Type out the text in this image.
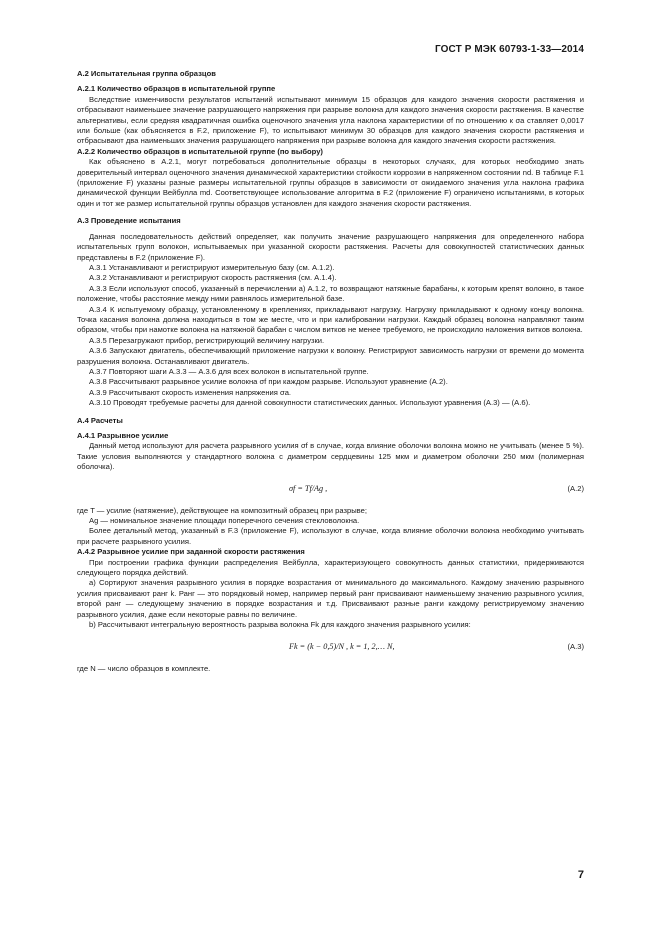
ГОСТ Р МЭК 60793-1-33—2014
А.2 Испытательная группа образцов
А.2.1 Количество образцов в испытательной группе
Вследствие изменчивости результатов испытаний испытывают минимум 15 образцов для каждого значения скорости растяжения и отбрасывают наименьшее значение разрушающего напряжения при разрыве волокна для каждого значения скорости растяжения. В качестве альтернативы, если средняя квадратичная ошибка оценочного значения угла наклона характеристики σf по отношению к σa ставляет 0,0017 или больше (как объясняется в F.2, приложение F), то испытывают минимум 30 образцов для каждого значения скорости растяжения и отбрасывают два наименьших значения разрушающего напряжения при разрыве волокна для каждого значения скорости растяжения.
А.2.2 Количество образцов в испытательной группе (по выбору)
Как объяснено в А.2.1, могут потребоваться дополнительные образцы в некоторых случаях, для которых необходимо знать доверительный интервал оценочного значения динамической характеристики стойкости коррозии в напряженном состоянии nd. В таблице F.1 (приложение F) указаны разные размеры испытательной группы образцов в зависимости от ожидаемого значения угла наклона графика динамической функции Вейбулла md. Соответствующее использование алгоритма в F.2 (приложение F) ограничено испытаниями, в которых один и тот же размер испытательной группы образцов установлен для каждого значения скорости растяжения.
А.3 Проведение испытания
Данная последовательность действий определяет, как получить значение разрушающего напряжения для определенного набора испытательных групп волокон, испытываемых при указанной скорости растяжения. Расчеты для совокупностей статистических данных представлены в F.2 (приложение F).
А.3.1 Устанавливают и регистрируют измерительную базу (см. А.1.2).
А.3.2 Устанавливают и регистрируют скорость растяжения (см. А.1.4).
А.3.3 Если используют способ, указанный в перечислении а) А.1.2, то возвращают натяжные барабаны, к которым крепят волокно, в такое положение, чтобы расстояние между ними равнялось измерительной базе.
А.3.4 К испытуемому образцу, установленному в креплениях, прикладывают нагрузку. Нагрузку прикладывают к одному концу волокна. Точка касания волокна должна находиться в том же месте, что и при калибровании нагрузки. Каждый образец волокна направляют таким образом, чтобы при намотке волокна на натяжной барабан с числом витков не менее требуемого, не происходило наложения витков волокна.
А.3.5 Перезагружают прибор, регистрирующий величину нагрузки.
А.3.6 Запускают двигатель, обеспечивающий приложение нагрузки к волокну. Регистрируют зависимость нагрузки от времени до момента разрушения волокна. Останавливают двигатель.
А.3.7 Повторяют шаги А.3.3 — А.3.6 для всех волокон в испытательной группе.
А.3.8 Рассчитывают разрывное усилие волокна σf при каждом разрыве. Используют уравнение (А.2).
А.3.9 Рассчитывают скорость изменения напряжения σa.
А.3.10 Проводят требуемые расчеты для данной совокупности статистических данных. Используют уравнения (А.3) — (А.6).
А.4 Расчеты
А.4.1 Разрывное усилие
Данный метод используют для расчета разрывного усилия σf в случае, когда влияние оболочки волокна можно не учитывать (менее 5 %). Такие условия выполняются у стандартного волокна с диаметром сердцевины 125 мкм и диаметром оболочки 250 мкм (полимерная оболочка).
σf = Tf/Ag ,	(А.2)
где T — усилие (натяжение), действующее на композитный образец при разрыве;
Ag — номинальное значение площади поперечного сечения стекловолокна.
Более детальный метод, указанный в F.3 (приложение F), используют в случае, когда влияние оболочки волокна необходимо учитывать при расчете разрывного усилия.
А.4.2 Разрывное усилие при заданной скорости растяжения
При построении графика функции распределения Вейбулла, характеризующего совокупность данных статистики, придерживаются следующего порядка действий.
а) Сортируют значения разрывного усилия в порядке возрастания от минимального до максимального. Каждому значению разрывного усилия присваивают ранг k. Ранг — это порядковый номер, например первый ранг присваивают наименьшему значению разрывного усилия, второй ранг — следующему значению в порядке возрастания и т.д. Присваивают разные ранги каждому регистрируемому значению разрывного усилия, даже если некоторые равны по величине.
b) Рассчитывают интегральную вероятность разрыва волокна Fk для каждого значения разрывного усилия:
Fk = (k − 0,5)/N , k = 1, 2,… N,	(А.3)
где N — число образцов в комплекте.
7
